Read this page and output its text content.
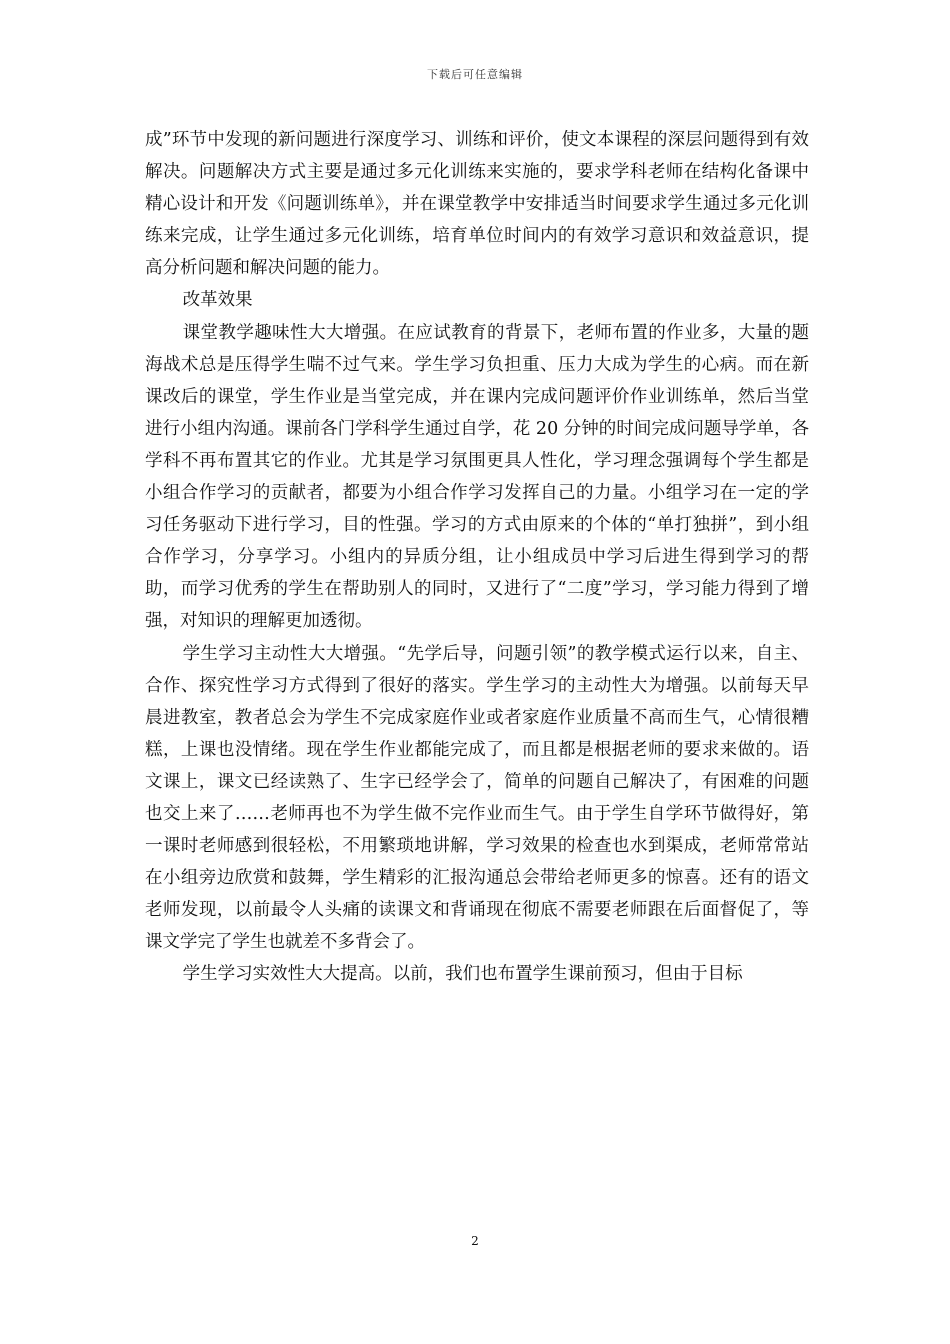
下载后可任意编辑

成”环节中发现的新问题进行深度学习、训练和评价，使文本课程的深层问题得到有效解决。问题解决方式主要是通过多元化训练来实施的，要求学科老师在结构化备课中精心设计和开发《问题训练单》，并在课堂教学中安排适当时间要求学生通过多元化训练来完成，让学生通过多元化训练，培育单位时间内的有效学习意识和效益意识，提高分析问题和解决问题的能力。

改革效果

课堂教学趣味性大大增强。在应试教育的背景下，老师布置的作业多，大量的题海战术总是压得学生喘不过气来。学生学习负担重、压力大成为学生的心病。而在新课改后的课堂，学生作业是当堂完成，并在课内完成问题评价作业训练单，然后当堂进行小组内沟通。课前各门学科学生通过自学，花 20 分钟的时间完成问题导学单，各学科不再布置其它的作业。尤其是学习氛围更具人性化，学习理念强调每个学生都是小组合作学习的贡献者，都要为小组合作学习发挥自己的力量。小组学习在一定的学习任务驱动下进行学习，目的性强。学习的方式由原来的个体的“单打独拼”，到小组合作学习，分享学习。小组内的异质分组，让小组成员中学习后进生得到学习的帮助，而学习优秀的学生在帮助别人的同时，又进行了“二度”学习，学习能力得到了增强，对知识的理解更加透彻。

学生学习主动性大大增强。“先学后导，问题引领”的教学模式运行以来，自主、合作、探究性学习方式得到了很好的落实。学生学习的主动性大为增强。以前每天早晨进教室，教者总会为学生不完成家庭作业或者家庭作业质量不高而生气，心情很糟糕，上课也没情绪。现在学生作业都能完成了，而且都是根据老师的要求来做的。语文课上，课文已经读熟了、生字已经学会了，简单的问题自己解决了，有困难的问题也交上来了……老师再也不为学生做不完作业而生气。由于学生自学环节做得好，第一课时老师感到很轻松，不用繁琐地讲解，学习效果的检查也水到渠成，老师常常站在小组旁边欣赏和鼓舞，学生精彩的汇报沟通总会带给老师更多的惊喜。还有的语文老师发现，以前最令人头痛的读课文和背诵现在彻底不需要老师跟在后面督促了，等课文学完了学生也就差不多背会了。

学生学习实效性大大提高。以前，我们也布置学生课前预习，但由于目标

2
